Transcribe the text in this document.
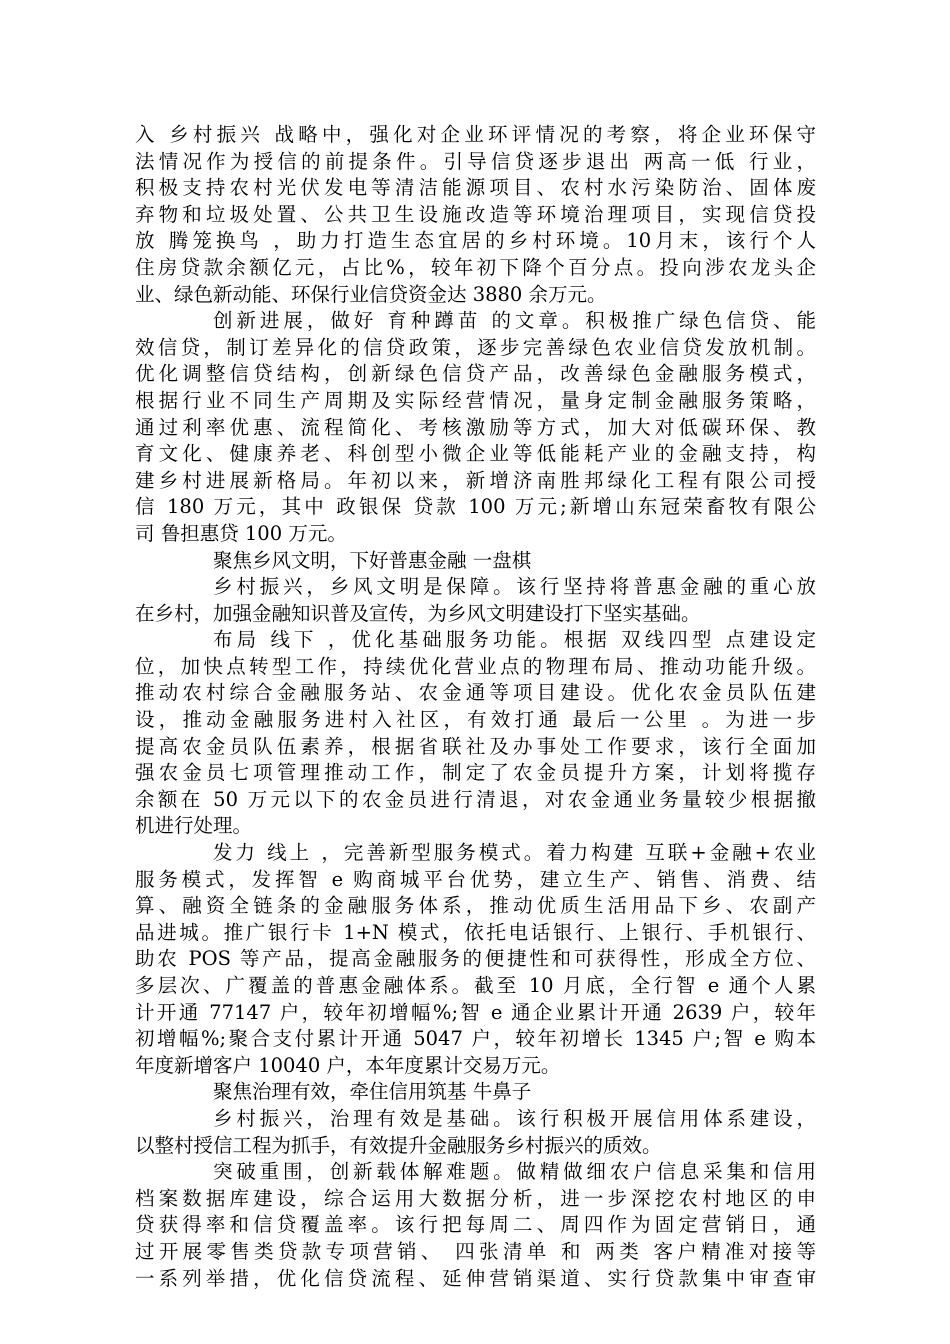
入 乡村振兴 战略中，强化对企业环评情况的考察，将企业环保守
法情况作为授信的前提条件。引导信贷逐步退出 两高一低 行业，
积极支持农村光伏发电等清洁能源项目、农村水污染防治、固体废
弃物和垃圾处置、公共卫生设施改造等环境治理项目，实现信贷投
放 腾笼换鸟 ，助力打造生态宜居的乡村环境。10月末，该行个人
住房贷款余额亿元，占比%，较年初下降个百分点。投向涉农龙头企
业、绿色新动能、环保行业信贷资金达 3880 余万元。
创新进展，做好 育种蹲苗 的文章。积极推广绿色信贷、能
效信贷，制订差异化的信贷政策，逐步完善绿色农业信贷发放机制。
优化调整信贷结构，创新绿色信贷产品，改善绿色金融服务模式，
根据行业不同生产周期及实际经营情况，量身定制金融服务策略，
通过利率优惠、流程简化、考核激励等方式，加大对低碳环保、教
育文化、健康养老、科创型小微企业等低能耗产业的金融支持，构
建乡村进展新格局。年初以来，新增济南胜邦绿化工程有限公司授
信 180 万元，其中 政银保 贷款 100 万元;新增山东冠荣畜牧有限公
司 鲁担惠贷 100 万元。
聚焦乡风文明，下好普惠金融 一盘棋
乡村振兴，乡风文明是保障。该行坚持将普惠金融的重心放
在乡村，加强金融知识普及宣传，为乡风文明建设打下坚实基础。
布局 线下 ，优化基础服务功能。根据 双线四型 点建设定
位，加快点转型工作，持续优化营业点的物理布局、推动功能升级。
推动农村综合金融服务站、农金通等项目建设。优化农金员队伍建
设，推动金融服务进村入社区，有效打通 最后一公里 。为进一步
提高农金员队伍素养，根据省联社及办事处工作要求，该行全面加
强农金员七项管理推动工作，制定了农金员提升方案，计划将揽存
余额在 50 万元以下的农金员进行清退，对农金通业务量较少根据撤
机进行处理。
发力 线上 ，完善新型服务模式。着力构建 互联+金融+农业
服务模式，发挥智 e 购商城平台优势，建立生产、销售、消费、结
算、融资全链条的金融服务体系，推动优质生活用品下乡、农副产
品进城。推广银行卡 1+N 模式，依托电话银行、上银行、手机银行、
助农 POS 等产品，提高金融服务的便捷性和可获得性，形成全方位、
多层次、广覆盖的普惠金融体系。截至 10 月底，全行智 e 通个人累
计开通 77147 户，较年初增幅%;智 e 通企业累计开通 2639 户，较年
初增幅%;聚合支付累计开通 5047 户，较年初增长 1345 户;智 e 购本
年度新增客户 10040 户，本年度累计交易万元。
聚焦治理有效，牵住信用筑基 牛鼻子
乡村振兴，治理有效是基础。该行积极开展信用体系建设，
以整村授信工程为抓手，有效提升金融服务乡村振兴的质效。
突破重围，创新载体解难题。做精做细农户信息采集和信用
档案数据库建设，综合运用大数据分析，进一步深挖农村地区的申
贷获得率和信贷覆盖率。该行把每周二、周四作为固定营销日，通
过开展零售类贷款专项营销、 四张清单 和 两类 客户精准对接等
一系列举措，优化信贷流程、延伸营销渠道、实行贷款集中审查审
